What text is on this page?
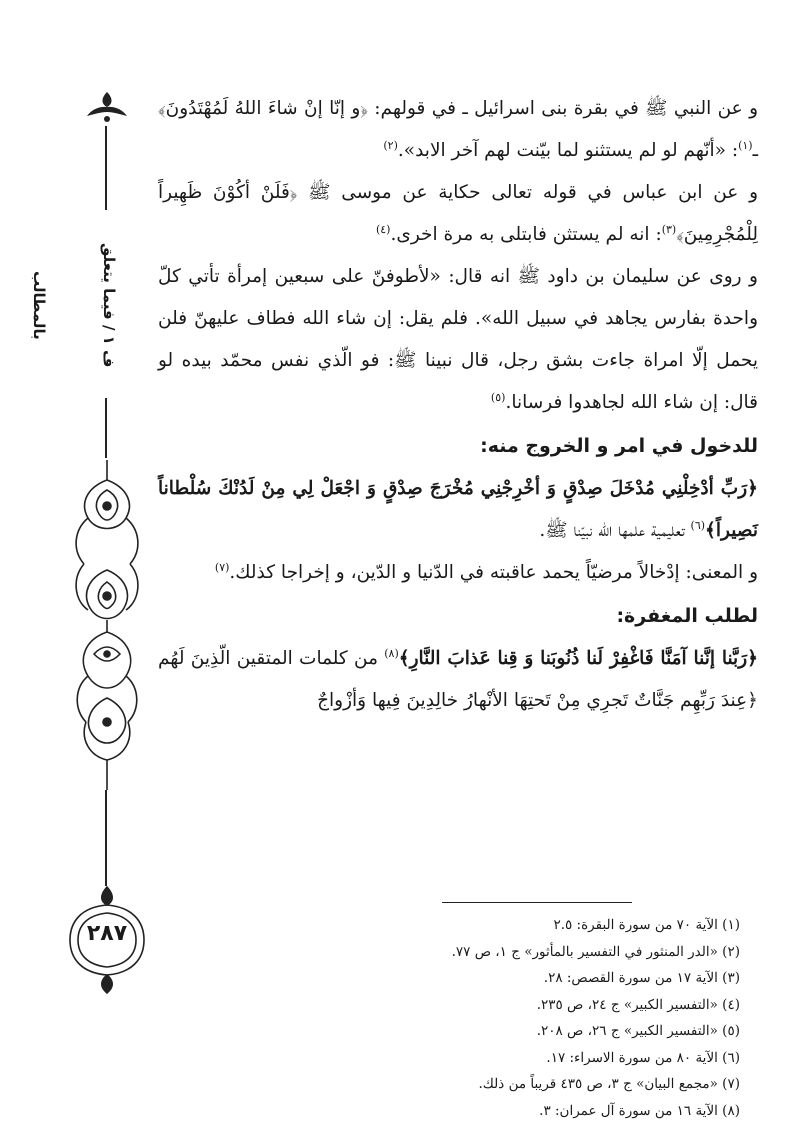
ف ١ / فيما يتعلق بالمطالب
٢٨٧

و عن النبي ﷺ في بقرة بنى اسرائيل ـ في قولهم: ﴿و إنّا إنْ شاءَ اللهُ لَمُهْتَدُونَ﴾ ـ$^{(١)}$: «أنّهم لو لم يستثنو لما بيّنت لهم آخر الابد».$^{(٢)}$

و عن ابن عباس في قوله تعالى حكاية عن موسى ﷺ ﴿فَلَنْ أكُوْنَ ظَهِيراً لِلْمُجْرِمِينَ﴾$^{(٣)}$: انه لم يستثن فابتلى به مرة اخرى.$^{(٤)}$

و روى عن سليمان بن داود ﷺ انه قال: «لأطوفنّ على سبعين إمرأة تأتي كلّ واحدة بفارس يجاهد في سبيل الله». فلم يقل: إن شاء الله فطاف عليهنّ فلن يحمل إلّا امراة جاءت بشق رجل، قال نبينا ﷺ: فو الّذي نفس محمّد بيده لو قال: إن شاء الله لجاهدوا فرسانا.$^{(٥)}$

للدخول في امر و الخروج منه:

﴿رَبِّ أدْخِلْنِي مُدْخَلَ صِدْقٍ وَ أخْرِجْنِي مُخْرَجَ صِدْقٍ وَ اجْعَلْ لِي مِنْ لَدُنْكَ سُلْطاناً نَصِيراً﴾$^{(٦)}$ تعليمية علمها الله نبيّنا ﷺ.

و المعنى: إدْخالاً مرضيّاً يحمد عاقبته في الدّنيا و الدّين، و إخراجا كذلك.$^{(٧)}$

لطلب المغفرة:

﴿رَبَّنا إنَّنا آمَنَّا فَاغْفِرْ لَنا ذُنُوبَنا وَ قِنا عَذابَ النَّارِ﴾$^{(٨)}$ من كلمات المتقين الّذِينَ لَهُم ﴿عِندَ رَبِّهِم جَنَّاتٌ تَجرِي مِنْ تَحتِهَا الأنْهارُ خالِدِينَ فِيها وَأزْواجٌ

(١) الآية ٧٠ من سورة البقرة: ٢.٥
(٢) «الدر المنثور في التفسير بالمأثور» ج ١، ص ٧٧.
(٣) الآية ١٧ من سورة القصص: ٢٨.
(٤) «التفسير الكبير» ج ٢٤، ص ٢٣٥.
(٥) «التفسير الكبير» ج ٢٦، ص ٢٠٨.
(٦) الآية ٨٠ من سورة الاسراء: ١٧.
(٧) «مجمع البيان» ج ٣، ص ٤٣٥ قريباً من ذلك.
(٨) الآية ١٦ من سورة آل عمران: ٣.
